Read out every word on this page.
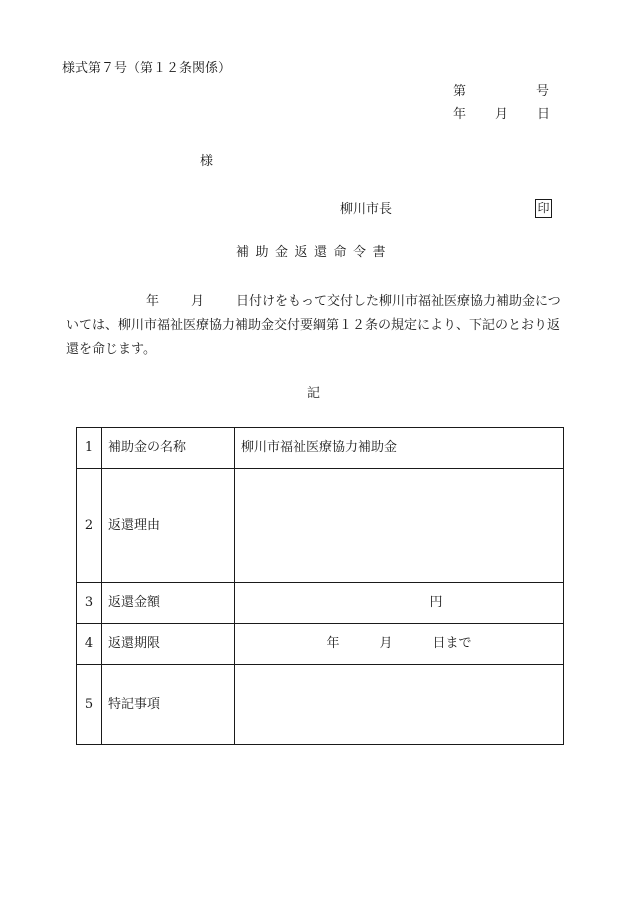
様式第７号（第１２条関係）
第	号
年 月 日
様
柳川市長	印
補助金返還命令書
年 月 日付けをもって交付した柳川市福祉医療協力補助金については、柳川市福祉医療協力補助金交付要綱第１２条の規定により、下記のとおり返還を命じます。
記
1	補助金の名称	柳川市福祉医療協力補助金
2	返還理由	
3	返還金額	円
4	返還期限	年 月 日まで
5	特記事項	
